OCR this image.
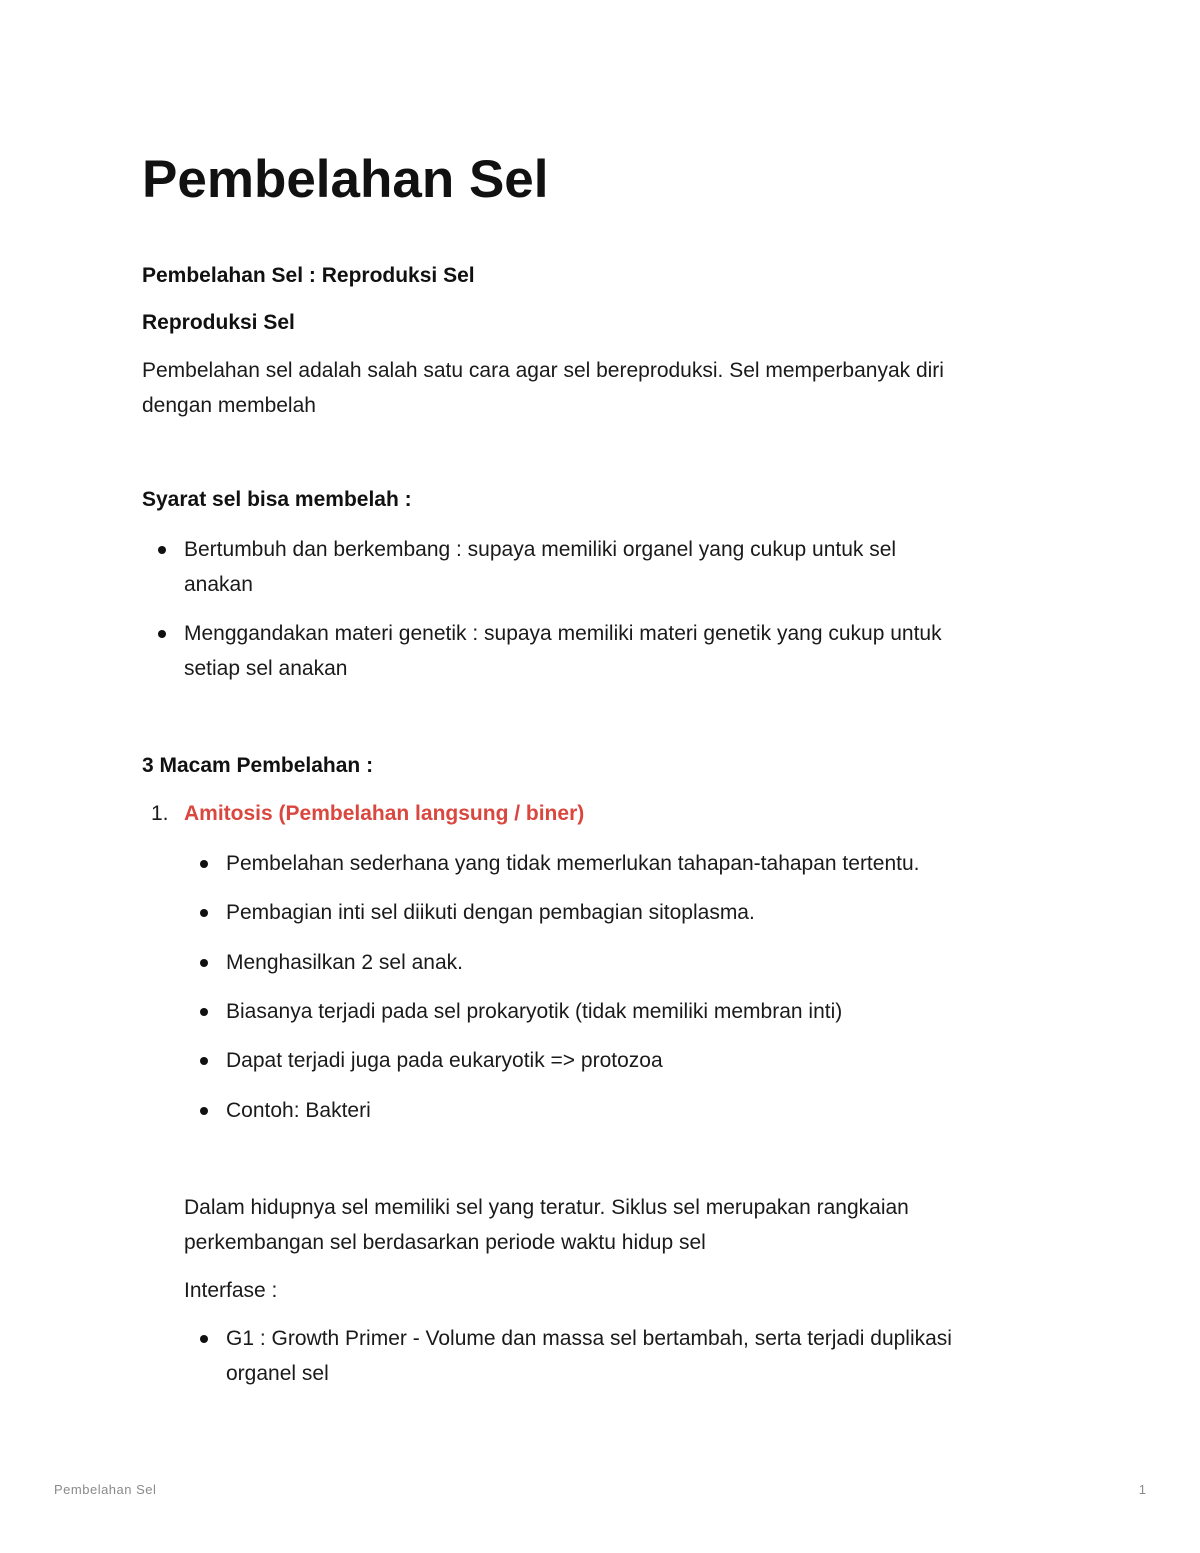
Pembelahan Sel

Pembelahan Sel : Reproduksi Sel

Reproduksi Sel

Pembelahan sel adalah salah satu cara agar sel bereproduksi. Sel memperbanyak diri

dengan membelah

Syarat sel bisa membelah :

Bertumbuh dan berkembang : supaya memiliki organel yang cukup untuk sel
anakan
Menggandakan materi genetik : supaya memiliki materi genetik yang cukup untuk
setiap sel anakan

3 Macam Pembelahan :

1. Amitosis (Pembelahan langsung / biner)
Pembelahan sederhana yang tidak memerlukan tahapan-tahapan tertentu.
Pembagian inti sel diikuti dengan pembagian sitoplasma.
Menghasilkan 2 sel anak.
Biasanya terjadi pada sel prokaryotik (tidak memiliki membran inti)
Dapat terjadi juga pada eukaryotik => protozoa
Contoh: Bakteri

Dalam hidupnya sel memiliki sel yang teratur. Siklus sel merupakan rangkaian

perkembangan sel berdasarkan periode waktu hidup sel

Interfase :

G1 : Growth Primer - Volume dan massa sel bertambah, serta terjadi duplikasi
organel sel
Pembelahan Sel	1
